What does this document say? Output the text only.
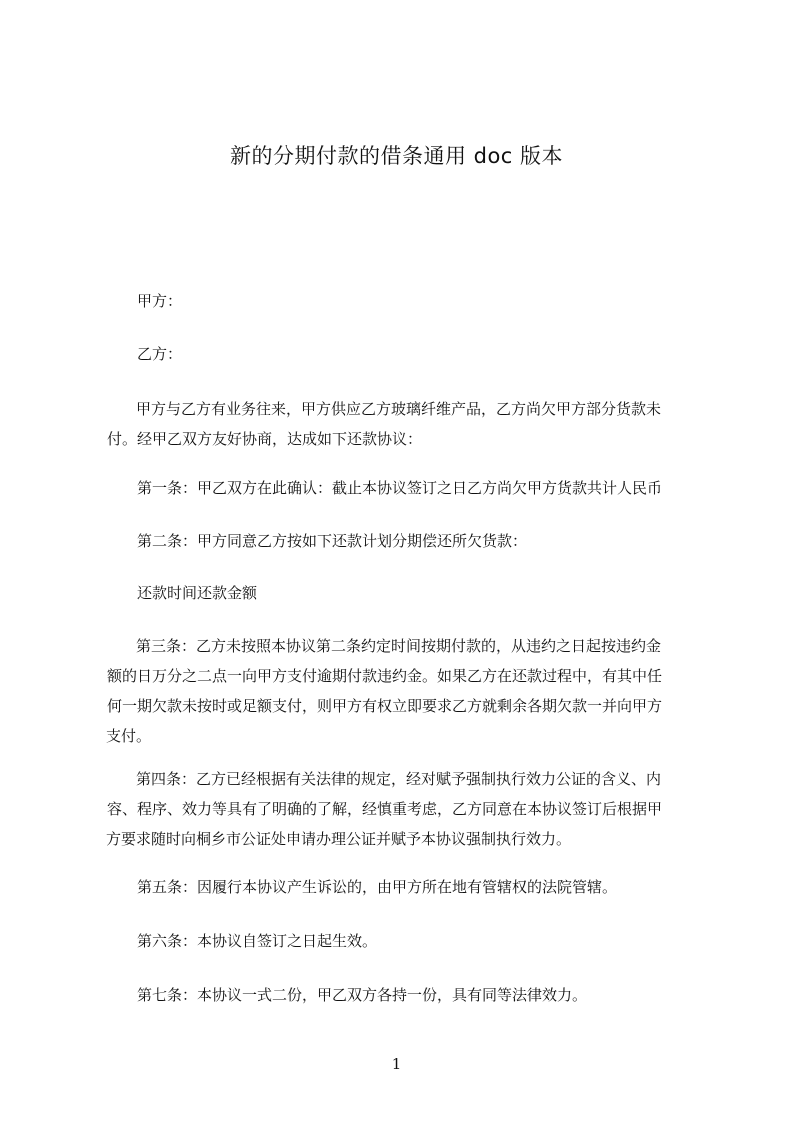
新的分期付款的借条通用 doc 版本

甲方：

乙方：

甲方与乙方有业务往来，甲方供应乙方玻璃纤维产品，乙方尚欠甲方部分货款未
付。经甲乙双方友好协商，达成如下还款协议：

第一条：甲乙双方在此确认：截止本协议签订之日乙方尚欠甲方货款共计人民币

第二条：甲方同意乙方按如下还款计划分期偿还所欠货款：

还款时间还款金额

第三条：乙方未按照本协议第二条约定时间按期付款的，从违约之日起按违约金
额的日万分之二点一向甲方支付逾期付款违约金。如果乙方在还款过程中，有其中任
何一期欠款未按时或足额支付，则甲方有权立即要求乙方就剩余各期欠款一并向甲方
支付。
第四条：乙方已经根据有关法律的规定，经对赋予强制执行效力公证的含义、内
容、程序、效力等具有了明确的了解，经慎重考虑，乙方同意在本协议签订后根据甲
方要求随时向桐乡市公证处申请办理公证并赋予本协议强制执行效力。

第五条：因履行本协议产生诉讼的，由甲方所在地有管辖权的法院管辖。

第六条：本协议自签订之日起生效。

第七条：本协议一式二份，甲乙双方各持一份，具有同等法律效力。

1
